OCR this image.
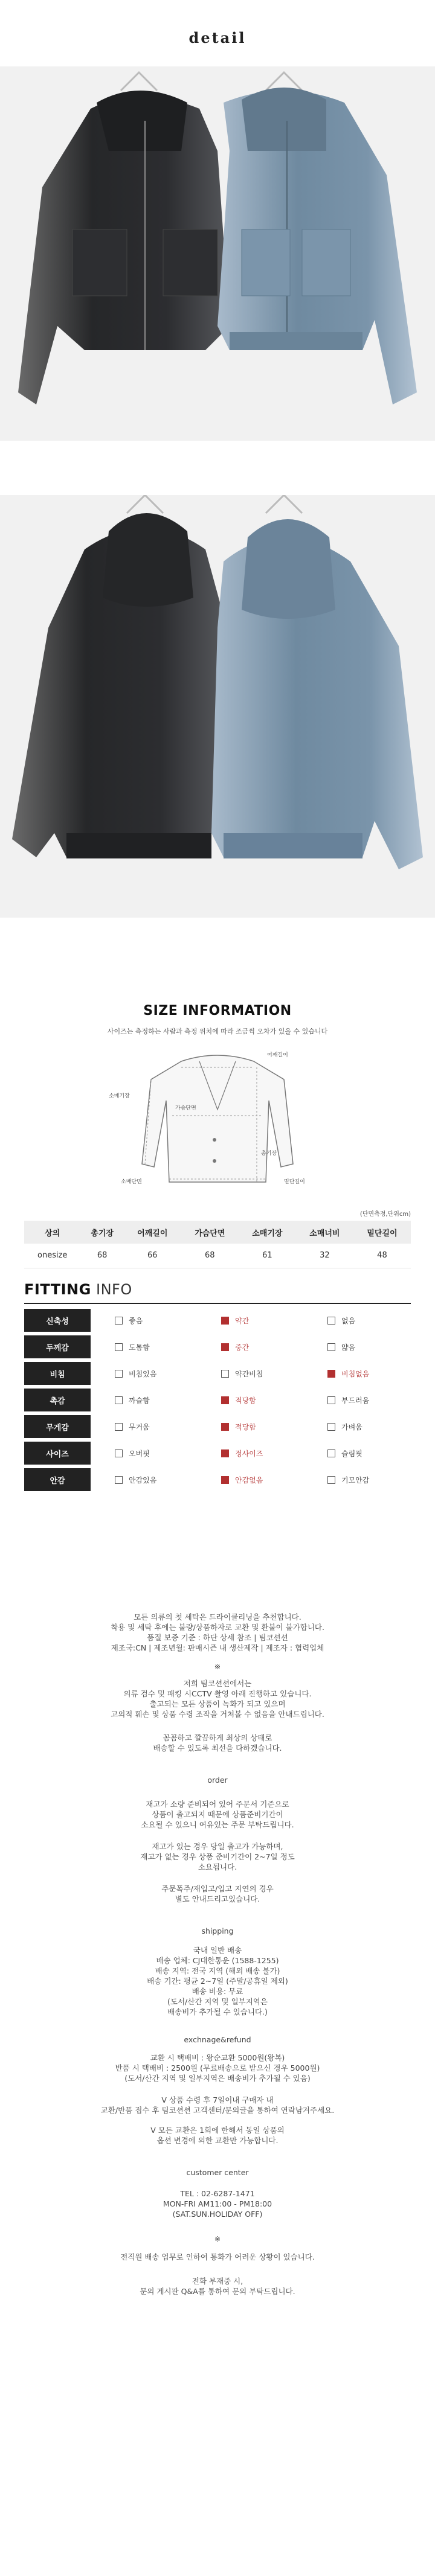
detail
SIZE INFORMATION
사이즈는 측정하는 사람과 측정 위치에 따라 조금씩 오차가 있을 수 있습니다
어깨길이
소매기장
가슴단면
총기장
소매단면	밑단길이
(단면측정,단위cm)
상의	총기장	어깨길이	가슴단면	소매기장	소매너비	밑단길이
onesize	68	66	68	61	32	48
FITTING INFO
신축성	좋음	약간	없음
두께감	도톰함	중간	얇음
비침	비침있음	약간비침	비침없음
촉감	까슬함	적당함	부드러움
무게감	무거움	적당함	가벼움
사이즈	오버핏	정사이즈	슬림핏
안감	안감있음	안감없음	기모안감
모든 의류의 첫 세탁은 드라이클리닝을 추천합니다.
착용 및 세탁 후에는 불량/상품하자로 교환 및 환불이 불가합니다.
품질 보증 기준 : 하단 상세 참조 | 팀코션션
제조국:CN | 제조년월: 판매시즌 내 생산제작 | 제조자 : 협력업체
※
저희 팀코션션에서는
의류 검수 및 패킹 시CCTV 촬영 아래 진행하고 있습니다.
출고되는 모든 상품이 녹화가 되고 있으며
고의적 훼손 및 상품 수령 조작을 거쳐볼 수 없음을 안내드립니다.
꼼꼼하고 깔끔하게 최상의 상태로
배송할 수 있도록 최선을 다하겠습니다.
order
재고가 소량 준비되어 있어 주문서 기준으로
상품이 출고되지 때문에 상품준비기간이
소요될 수 있으니 여유있는 주문 부탁드립니다.
재고가 있는 경우 당일 출고가 가능하며,
재고가 없는 경우 상품 준비기간이 2~7일 정도
소요됩니다.
주문폭주/재입고/입고 지연의 경우
별도 안내드리고있습니다.
shipping
국내 일반 배송
배송 업체: CJ대한통운 (1588-1255)
배송 지역: 전국 지역 (해외 배송 불가)
배송 기간: 평균 2~7일 (주말/공휴일 제외)
배송 비용: 무료
(도서/산간 지역 및 일부지역은
배송비가 추가될 수 있습니다.)
exchnage&refund
교환 시 택배비 : 왕순교환 5000원(왕복)
반품 시 택배비 : 2500원 (무료배송으로 받으신 경우 5000원)
(도서/산간 지역 및 일부지역은 배송비가 추가될 수 있음)
V 상품 수령 후 7일이내 구매자 내
교환/반품 접수 후 팀코션션 고객센터/문의글을 통하여 연락남겨주세요.
V 모든 교환은 1회에 한해서 동일 상품의
옵션 변경에 의한 교환만 가능합니다.
customer center
TEL : 02-6287-1471
MON-FRI AM11:00 - PM18:00
(SAT.SUN.HOLIDAY OFF)
※
전직원 배송 업무로 인하여 통화가 어려운 상황이 있습니다.
전화 부재중 시,
문의 게시판 Q&A를 통하여 문의 부탁드립니다.
